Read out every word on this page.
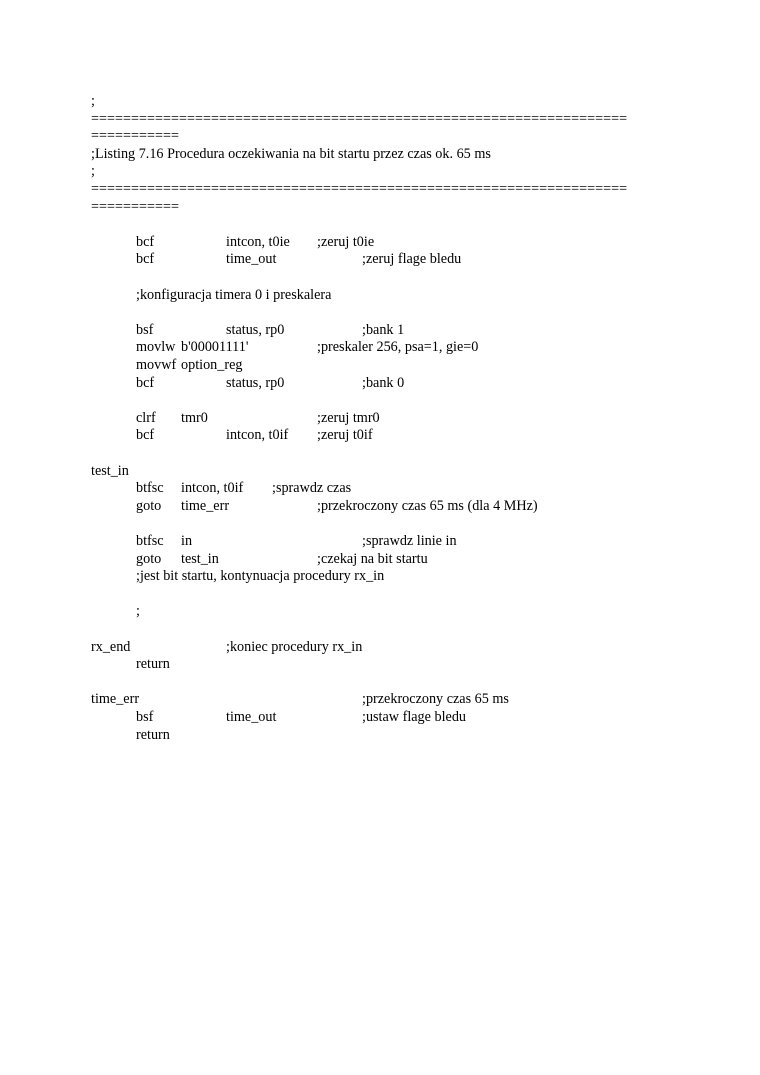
;
===================================================================
===========
;Listing 7.16 Procedura oczekiwania na bit startu przez czas ok. 65 ms
;
===================================================================
===========
bcf	intcon, t0ie ;zeruj t0ie
bcf	time_out	;zeruj flage bledu
;konfiguracja timera 0 i preskalera
bsf	status, rp0	;bank 1
movlw b'00001111'	;preskaler 256, psa=1, gie=0
movwf option_reg
bcf	status, rp0	;bank 0
clrf tmr0	;zeruj tmr0
bcf	intcon, t0if ;zeruj t0if
test_in
btfsc intcon, t0if ;sprawdz czas
goto time_err	;przekroczony czas 65 ms (dla 4 MHz)
btfsc in	;sprawdz linie in
goto test_in	;czekaj na bit startu
;jest bit startu, kontynuacja procedury rx_in
;
rx_end	;koniec procedury rx_in
return
time_err	;przekroczony czas 65 ms
bsf	time_out	;ustaw flage bledu
return
